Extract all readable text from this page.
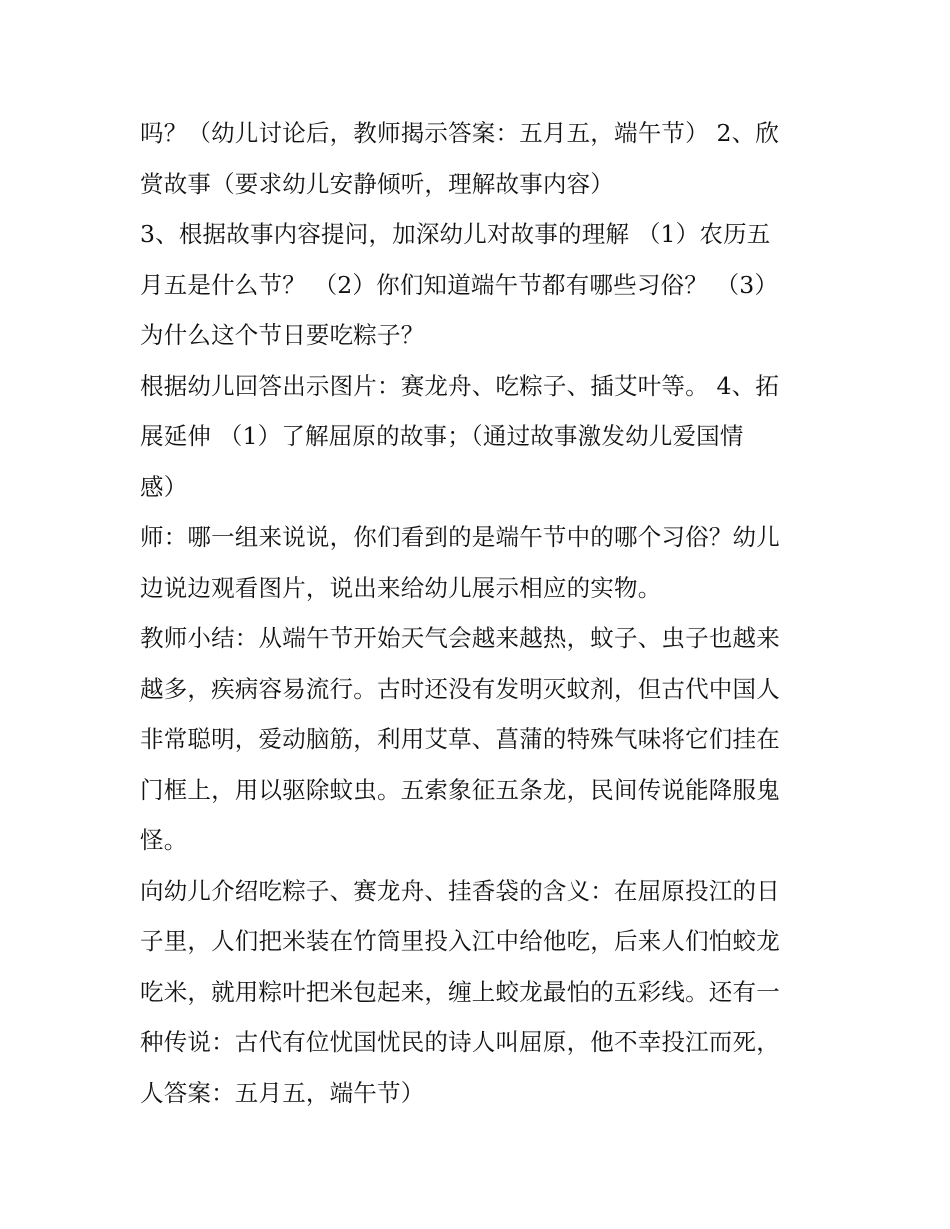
吗？（幼儿讨论后，教师揭示答案：五月五，端午节） 2、欣
赏故事（要求幼儿安静倾听，理解故事内容）
3、根据故事内容提问，加深幼儿对故事的理解 （1）农历五
月五是什么节？ （2）你们知道端午节都有哪些习俗？ （3）
为什么这个节日要吃粽子？
根据幼儿回答出示图片：赛龙舟、吃粽子、插艾叶等。 4、拓
展延伸 （1）了解屈原的故事；（通过故事激发幼儿爱国情
感）
师：哪一组来说说，你们看到的是端午节中的哪个习俗？幼儿
边说边观看图片，说出来给幼儿展示相应的实物。
教师小结：从端午节开始天气会越来越热，蚊子、虫子也越来
越多，疾病容易流行。古时还没有发明灭蚊剂，但古代中国人
非常聪明，爱动脑筋，利用艾草、菖蒲的特殊气味将它们挂在
门框上，用以驱除蚊虫。五索象征五条龙，民间传说能降服鬼
怪。
向幼儿介绍吃粽子、赛龙舟、挂香袋的含义：在屈原投江的日
子里，人们把米装在竹筒里投入江中给他吃，后来人们怕蛟龙
吃米，就用粽叶把米包起来，缠上蛟龙最怕的五彩线。还有一
种传说：古代有位忧国忧民的诗人叫屈原，他不幸投江而死，
人答案：五月五，端午节）
